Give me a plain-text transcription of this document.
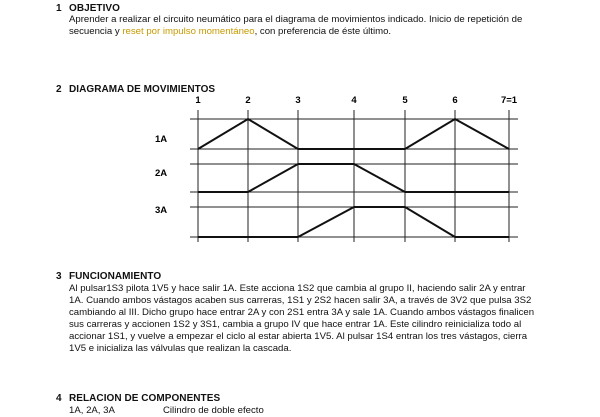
1 OBJETIVO
Aprender a realizar el circuito neumático para el diagrama de movimientos indicado. Inicio de repetición de
secuencia y reset por impulso momentáneo, con preferencia de éste último.
2 DIAGRAMA DE MOVIMIENTOS
1	2	3	4	5	6	7=1
1A
2A
3A
3 FUNCIONAMIENTO
Al pulsar1S3 pilota 1V5 y hace salir 1A. Este acciona 1S2 que cambia al grupo II, haciendo salir 2A y entrar
1A. Cuando ambos vástagos acaben sus carreras, 1S1 y 2S2 hacen salir 3A, a través de 3V2 que pulsa 3S2
cambiando al III. Dicho grupo hace entrar 2A y con 2S1 entra 3A y sale 1A. Cuando ambos vástagos finalicen
sus carreras y accionen 1S2 y 3S1, cambia a grupo IV que hace entrar 1A. Este cilindro reinicializa todo al
accionar 1S1, y vuelve a empezar el ciclo al estar abierta 1V5. Al pulsar 1S4 entran los tres vástagos, cierra
1V5 e inicializa las válvulas que realizan la cascada.
4 RELACION DE COMPONENTES
1A, 2A, 3A	Cilindro de doble efecto
